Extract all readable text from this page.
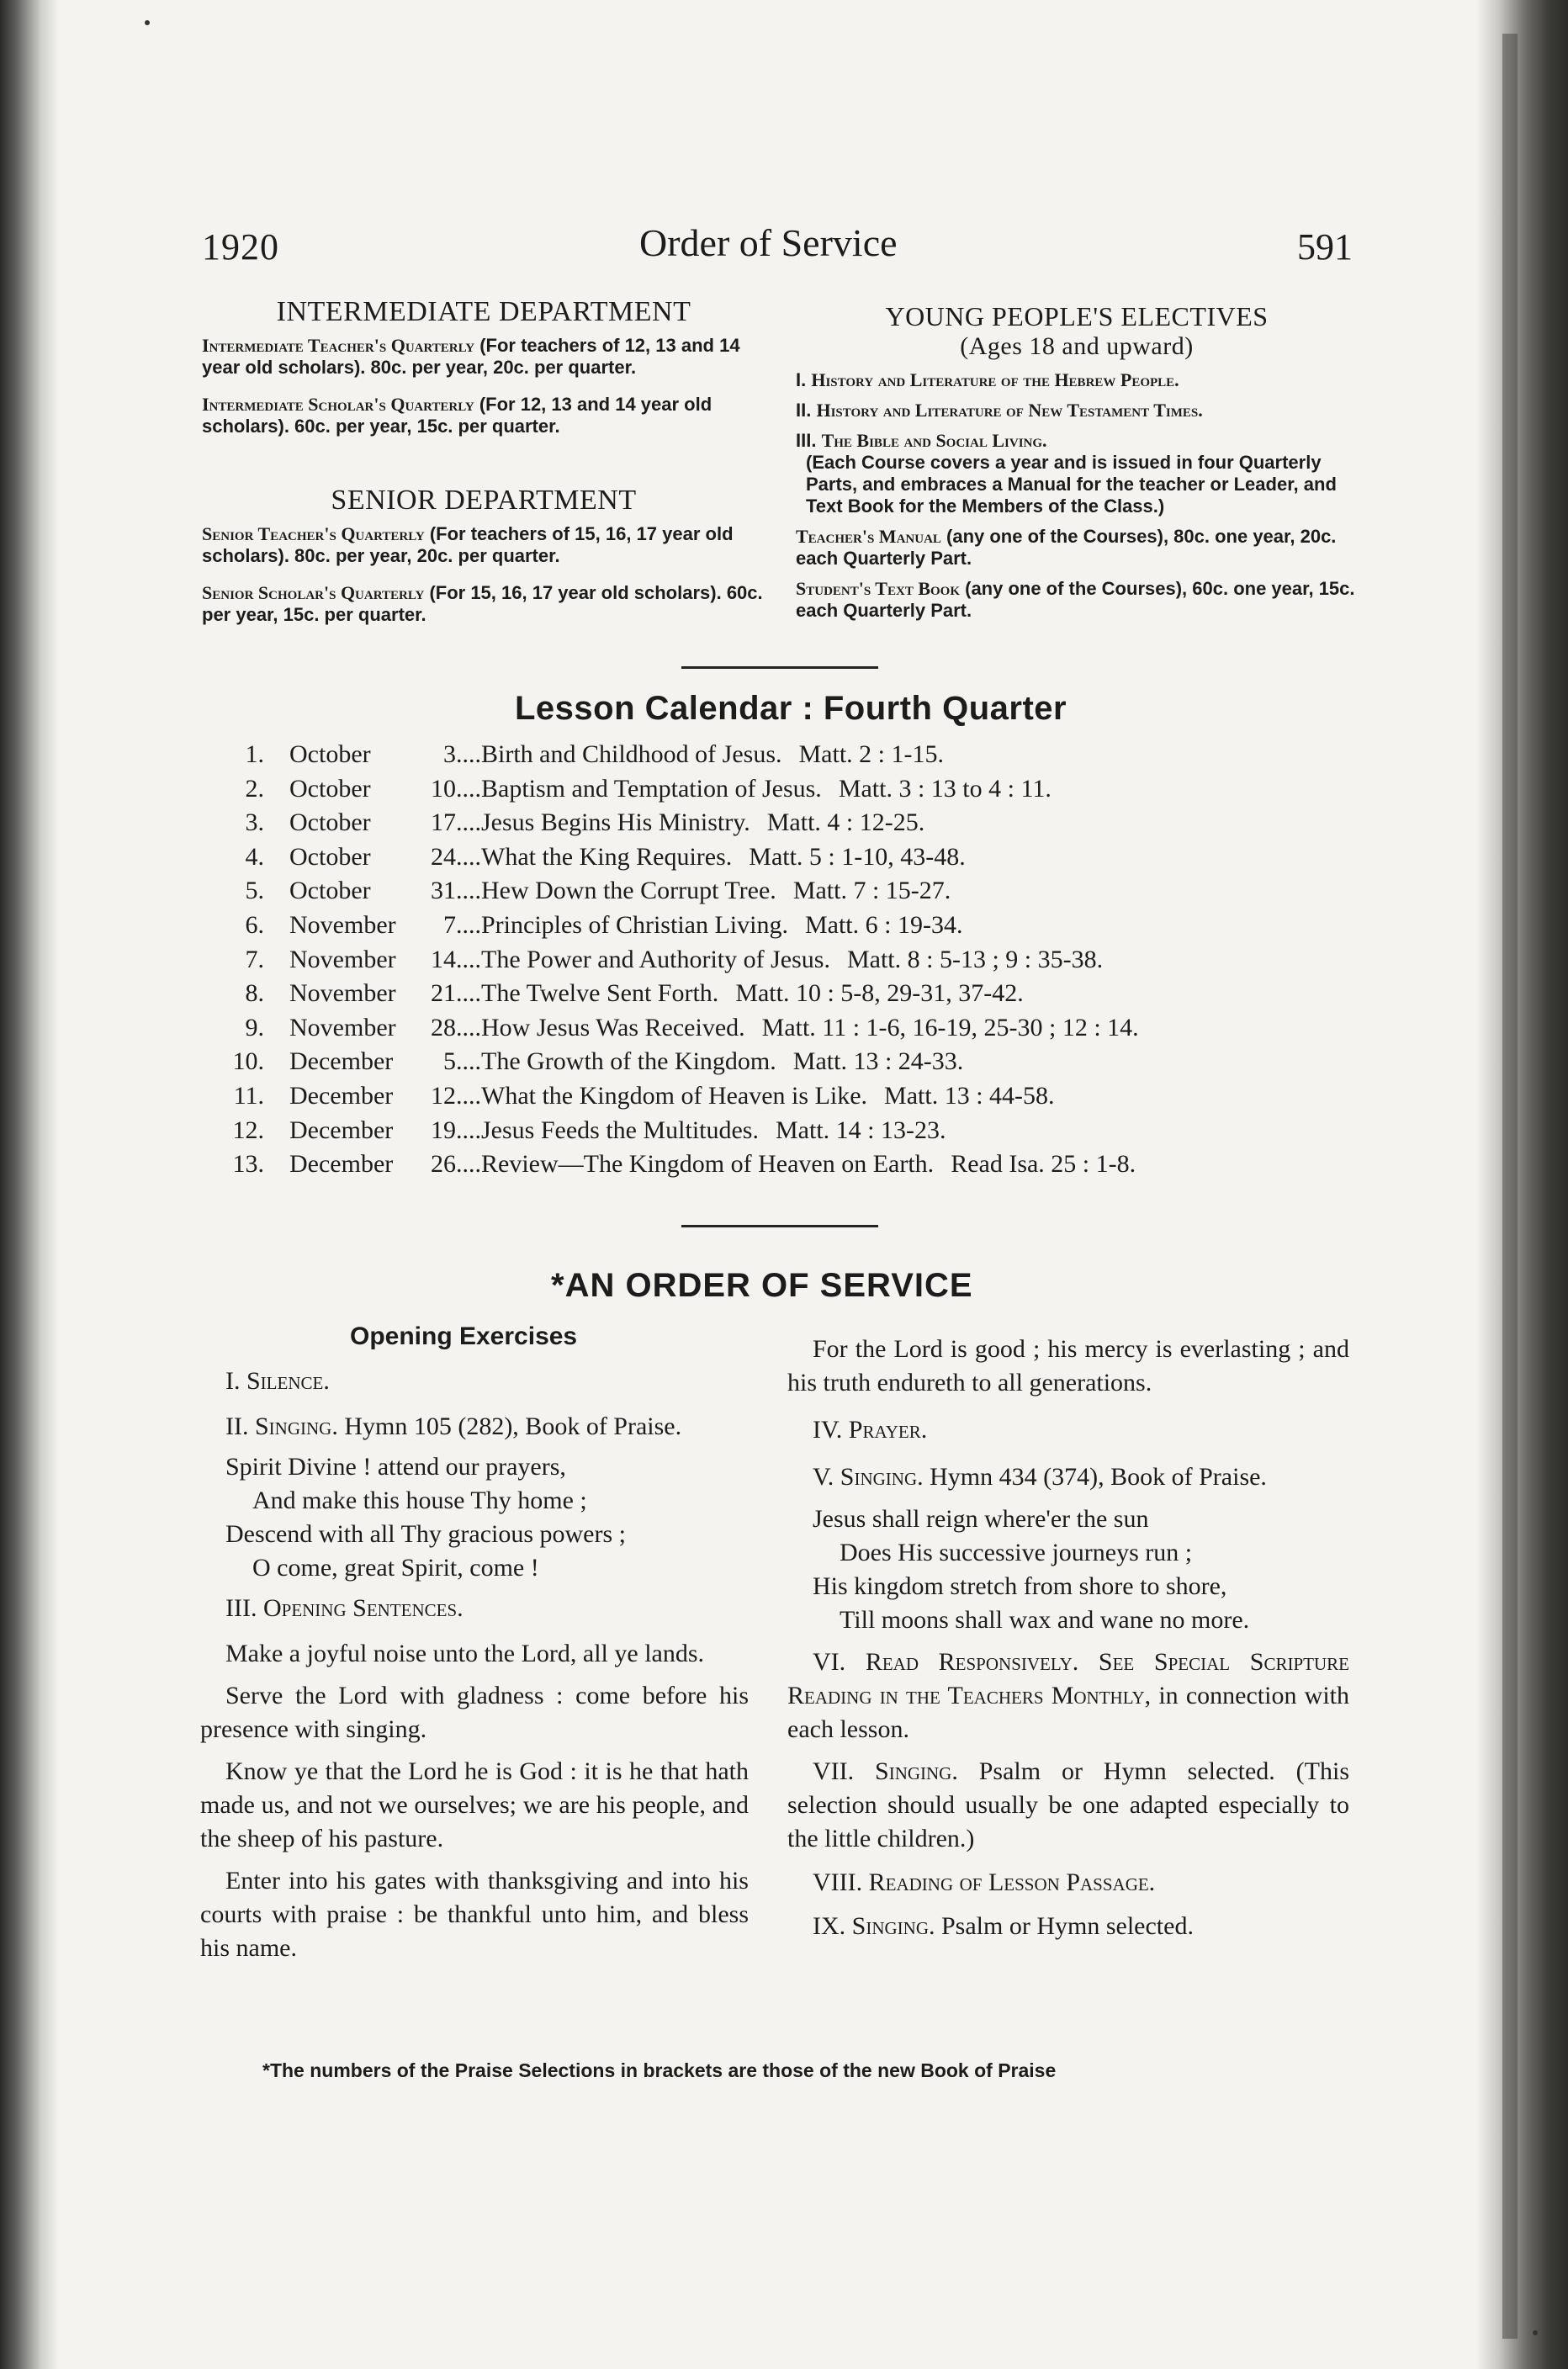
1920	Order of Service	591
INTERMEDIATE DEPARTMENT
Intermediate Teacher's Quarterly (For teachers of 12, 13 and 14 year old scholars). 80c. per year, 20c. per quarter.
Intermediate Scholar's Quarterly (For 12, 13 and 14 year old scholars). 60c. per year, 15c. per quarter.
SENIOR DEPARTMENT
Senior Teacher's Quarterly (For teachers of 15, 16, 17 year old scholars). 80c. per year, 20c. per quarter.
Senior Scholar's Quarterly (For 15, 16, 17 year old scholars). 60c. per year, 15c. per quarter.
YOUNG PEOPLE'S ELECTIVES
(Ages 18 and upward)
I. History and Literature of the Hebrew People.
II. History and Literature of New Testament Times.
III. The Bible and Social Living.
(Each Course covers a year and is issued in four Quarterly Parts, and embraces a Manual for the teacher or Leader, and Text Book for the Members of the Class.)
Teacher's Manual (any one of the Courses), 80c. one year, 20c. each Quarterly Part.
Student's Text Book (any one of the Courses), 60c. one year, 15c. each Quarterly Part.
Lesson Calendar : Fourth Quarter
1. October	3....Birth and Childhood of Jesus. Matt. 2 : 1-15.
2. October 10....Baptism and Temptation of Jesus. Matt. 3 : 13 to 4 : 11.
3. October 17....Jesus Begins His Ministry. Matt. 4 : 12-25.
4. October 24....What the King Requires. Matt. 5 : 1-10, 43-48.
5. October 31....Hew Down the Corrupt Tree. Matt. 7 : 15-27.
6. November 7....Principles of Christian Living. Matt. 6 : 19-34.
7. November 14....The Power and Authority of Jesus. Matt. 8 : 5-13 ; 9 : 35-38.
8. November 21....The Twelve Sent Forth. Matt. 10 : 5-8, 29-31, 37-42.
9. November 28....How Jesus Was Received. Matt. 11 : 1-6, 16-19, 25-30 ; 12 : 14.
10. December 5....The Growth of the Kingdom. Matt. 13 : 24-33.
11. December 12....What the Kingdom of Heaven is Like. Matt. 13 : 44-58.
12. December 19....Jesus Feeds the Multitudes. Matt. 14 : 13-23.
13. December 26....Review—The Kingdom of Heaven on Earth. Read Isa. 25 : 1-8.
*AN ORDER OF SERVICE
Opening Exercises

I. Silence.

II. Singing. Hymn 105 (282), Book of Praise.

Spirit Divine ! attend our prayers,

And make this house Thy home ;

Descend with all Thy gracious powers ;

O come, great Spirit, come !

III. Opening Sentences.

Make a joyful noise unto the Lord, all ye lands.

Serve the Lord with gladness : come before his presence with singing.

Know ye that the Lord he is God : it is he that hath made us, and not we ourselves; we are his people, and the sheep of his pasture.

Enter into his gates with thanksgiving and into his courts with praise : be thankful unto him, and bless his name.

For the Lord is good ; his mercy is everlasting ; and his truth endureth to all generations.

IV. Prayer.

V. Singing. Hymn 434 (374), Book of Praise.

Jesus shall reign where'er the sun

Does His successive journeys run ;

His kingdom stretch from shore to shore,

Till moons shall wax and wane no more.

VI. Read Responsively. See Special Scripture Reading in the Teachers Monthly, in connection with each lesson.

VII. Singing. Psalm or Hymn selected. (This selection should usually be one adapted especially to the little children.)

VIII. Reading of Lesson Passage.

IX. Singing. Psalm or Hymn selected.

*The numbers of the Praise Selections in brackets are those of the new Book of Praise
